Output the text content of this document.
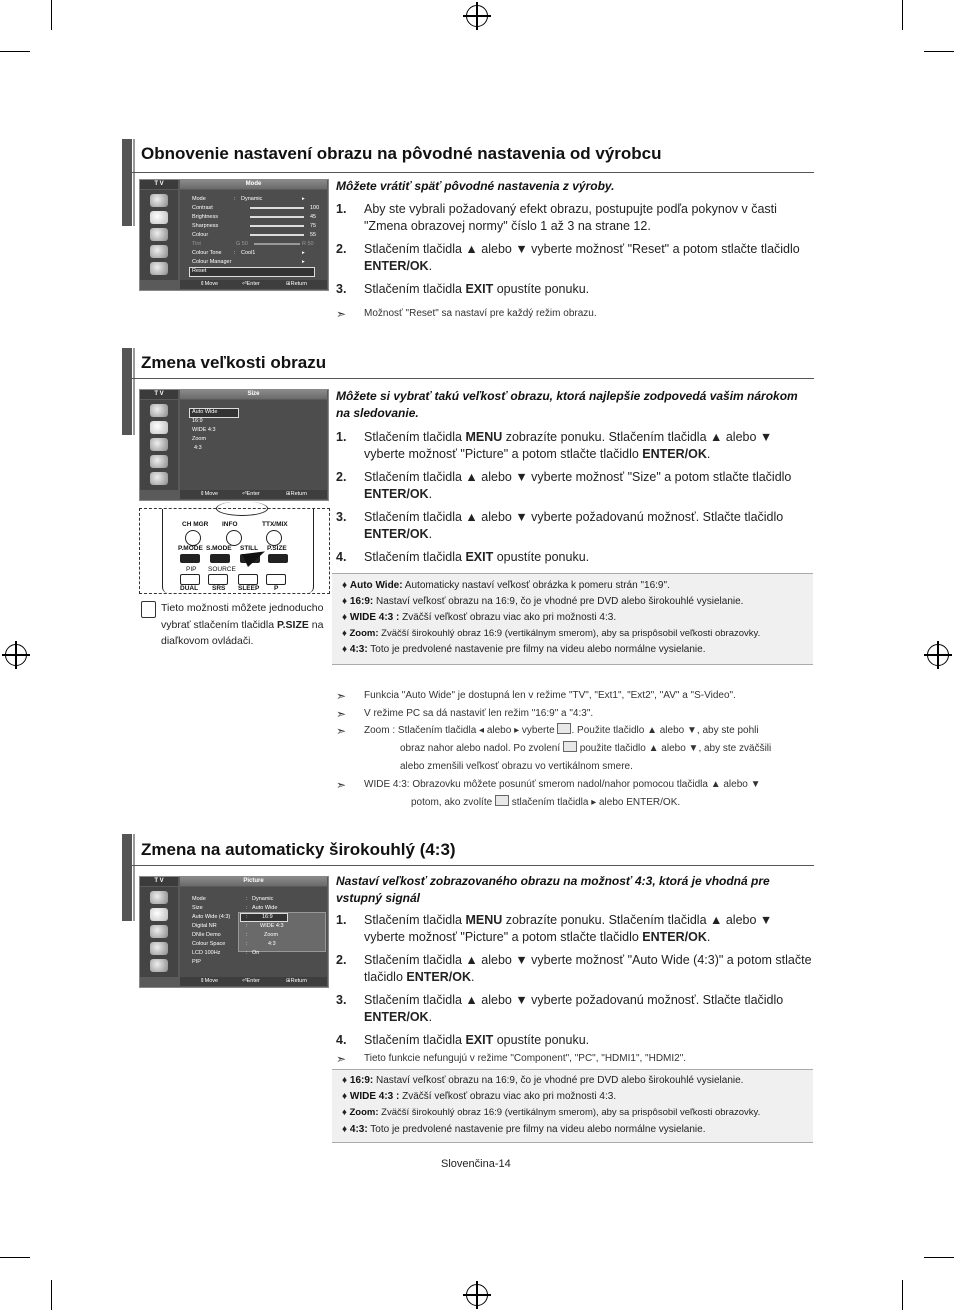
Obnovenie nastavení obrazu na pôvodné nastavenia od výrobcu
T V	Mode
Mode	: Dynamic	▸
Contrast	100
Brightness	45
Sharpness	75
Colour	55
Tint	G 50	R 50
Colour Tone : Cool1	▸
Colour Manager	▸
Reset
⇕ Move	⏎ Enter	⊞ Return
Môžete vrátiť späť pôvodné nastavenia z výroby.
1. Aby ste vybrali požadovaný efekt obrazu, postupujte podľa pokynov v časti "Zmena obrazovej normy" číslo 1 až 3 na strane 12.
2. Stlačením tlačidla ▲ alebo ▼ vyberte možnosť "Reset" a potom stlačte tlačidlo ENTER/OK.
3. Stlačením tlačidla EXIT opustíte ponuku.
➣ Možnosť "Reset" sa nastaví pre každý režim obrazu.
Zmena veľkosti obrazu
T V	Size
Auto Wide
16:9
WIDE 4:3
Zoom
4:3
⇕ Move	⏎ Enter	⊞ Return
CH MGR INFO	TTX/MIX
P.MODE S.MODE STILL P.SIZE
PIP SOURCE
DUAL SRS SLEEP P
Tieto možnosti môžete jednoducho vybrať stlačením tlačidla P.SIZE na diaľkovom ovládači.
Môžete si vybrať takú veľkosť obrazu, ktorá najlepšie zodpovedá vašim nárokom na sledovanie.
1. Stlačením tlačidla MENU zobrazíte ponuku. Stlačením tlačidla ▲ alebo ▼ vyberte možnosť "Picture" a potom stlačte tlačidlo ENTER/OK.
2. Stlačením tlačidla ▲ alebo ▼ vyberte možnosť "Size" a potom stlačte tlačidlo ENTER/OK.
3. Stlačením tlačidla ▲ alebo ▼ vyberte požadovanú možnosť. Stlačte tlačidlo ENTER/OK.
4. Stlačením tlačidla EXIT opustíte ponuku.
♦ Auto Wide: Automaticky nastaví veľkosť obrázka k pomeru strán "16:9".
♦ 16:9: Nastaví veľkosť obrazu na 16:9, čo je vhodné pre DVD alebo širokouhlé vysielanie.
♦ WIDE 4:3 : Zväčší veľkosť obrazu viac ako pri možnosti 4:3.
♦ Zoom: Zväčší širokouhlý obraz 16:9 (vertikálnym smerom), aby sa prispôsobil veľkosti obrazovky.
♦ 4:3: Toto je predvolené nastavenie pre filmy na videu alebo normálne vysielanie.
➣ Funkcia "Auto Wide" je dostupná len v režime "TV", "Ext1", "Ext2", "AV" a "S-Video".
➣ V režime PC sa dá nastaviť len režim "16:9" a "4:3".
➣ Zoom : Stlačením tlačidla ◂ alebo ▸ vyberte . Použite tlačidlo ▲ alebo ▼, aby ste pohli
obraz nahor alebo nadol. Po zvolení použite tlačidlo ▲ alebo ▼, aby ste zväčšili
alebo zmenšili veľkosť obrazu vo vertikálnom smere.
➣ WIDE 4:3: Obrazovku môžete posunúť smerom nadol/nahor pomocou tlačidla ▲ alebo ▼
potom, ako zvolíte stlačením tlačidla ▸ alebo ENTER/OK.
Zmena na automaticky širokouhlý (4:3)
T V	Picture
Mode	: Dynamic
Size	: Auto Wide
Auto Wide (4:3)	:	16:9
Digital NR	: WIDE 4:3
DNIe Demo	:	Zoom
Colour Space	:	4:3
LCD 100Hz	: On
PIP
⇕ Move	⏎ Enter	⊞ Return
Nastaví veľkosť zobrazovaného obrazu na možnosť 4:3, ktorá je vhodná pre vstupný signál
1. Stlačením tlačidla MENU zobrazíte ponuku. Stlačením tlačidla ▲ alebo ▼ vyberte možnosť "Picture" a potom stlačte tlačidlo ENTER/OK.
2. Stlačením tlačidla ▲ alebo ▼ vyberte možnosť "Auto Wide (4:3)" a potom stlačte tlačidlo ENTER/OK.
3. Stlačením tlačidla ▲ alebo ▼ vyberte požadovanú možnosť. Stlačte tlačidlo ENTER/OK.
4. Stlačením tlačidla EXIT opustíte ponuku.
➣ Tieto funkcie nefungujú v režime "Component", "PC", "HDMI1", "HDMI2".
♦ 16:9: Nastaví veľkosť obrazu na 16:9, čo je vhodné pre DVD alebo širokouhlé vysielanie.
♦ WIDE 4:3 : Zväčší veľkosť obrazu viac ako pri možnosti 4:3.
♦ Zoom: Zväčší širokouhlý obraz 16:9 (vertikálnym smerom), aby sa prispôsobil veľkosti obrazovky.
♦ 4:3: Toto je predvolené nastavenie pre filmy na videu alebo normálne vysielanie.
Slovenčina-14
